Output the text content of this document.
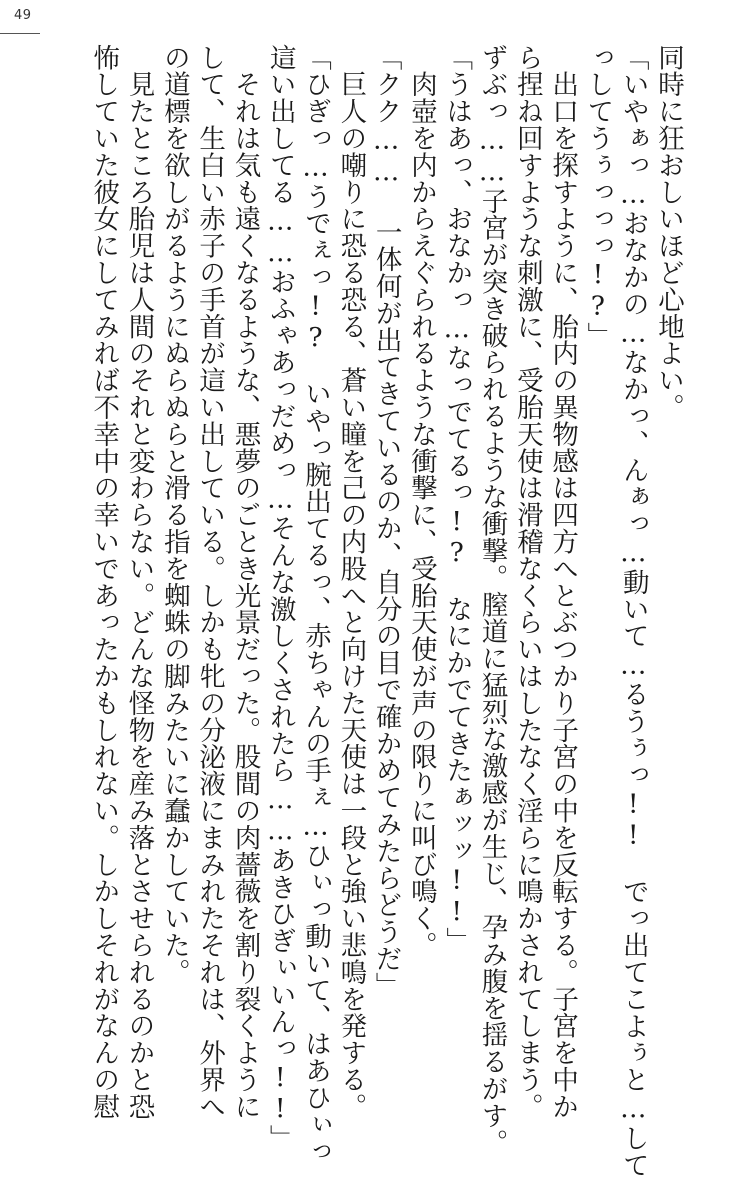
49

同時に狂おしいほど心地よい。

「いやぁっ…おなかの…なかっ、んぁっ…動いて…るうぅっ!!　でっ出てこよぅと…して

っしてうぅっっっ!?」

　出口を探すように、胎内の異物感は四方へとぶつかり子宮の中を反転する。子宮を中か

ら捏ね回すような刺激に、受胎天使は滑稽なくらいはしたなく淫らに鳴かされてしまう。

ずぶっ……子宮が突き破られるような衝撃。膣道に猛烈な激感が生じ、孕み腹を揺るがす。

「うはあっ、おなかっ…なっでてるっ!?　なにかでてきたぁッッ!!」

　肉壺を内からえぐられるような衝撃に、受胎天使が声の限りに叫び鳴く。

「クク…… 一体何が出てきているのか、自分の目で確かめてみたらどうだ」

　巨人の嘲りに恐る恐る、蒼い瞳を己の内股へと向けた天使は一段と強い悲鳴を発する。

「ひぎっ…うでぇっ!?　いやっ腕出てるっ、赤ちゃんの手ぇ…ひぃっ動いて、はあひぃっ

這い出してる……おふゃあっだめっ…そんな激しくされたら……あきひぎぃいんっ!!」

　それは気も遠くなるような、悪夢のごとき光景だった。股間の肉薔薇を割り裂くように

して、生白い赤子の手首が這い出している。しかも牝の分泌液にまみれたそれは、外界へ

の道標を欲しがるようにぬらぬらと滑る指を蜘蛛の脚みたいに蠢かしていた。

　見たところ胎児は人間のそれと変わらない。どんな怪物を産み落とさせられるのかと恐

怖していた彼女にしてみれば不幸中の幸いであったかもしれない。しかしそれがなんの慰
